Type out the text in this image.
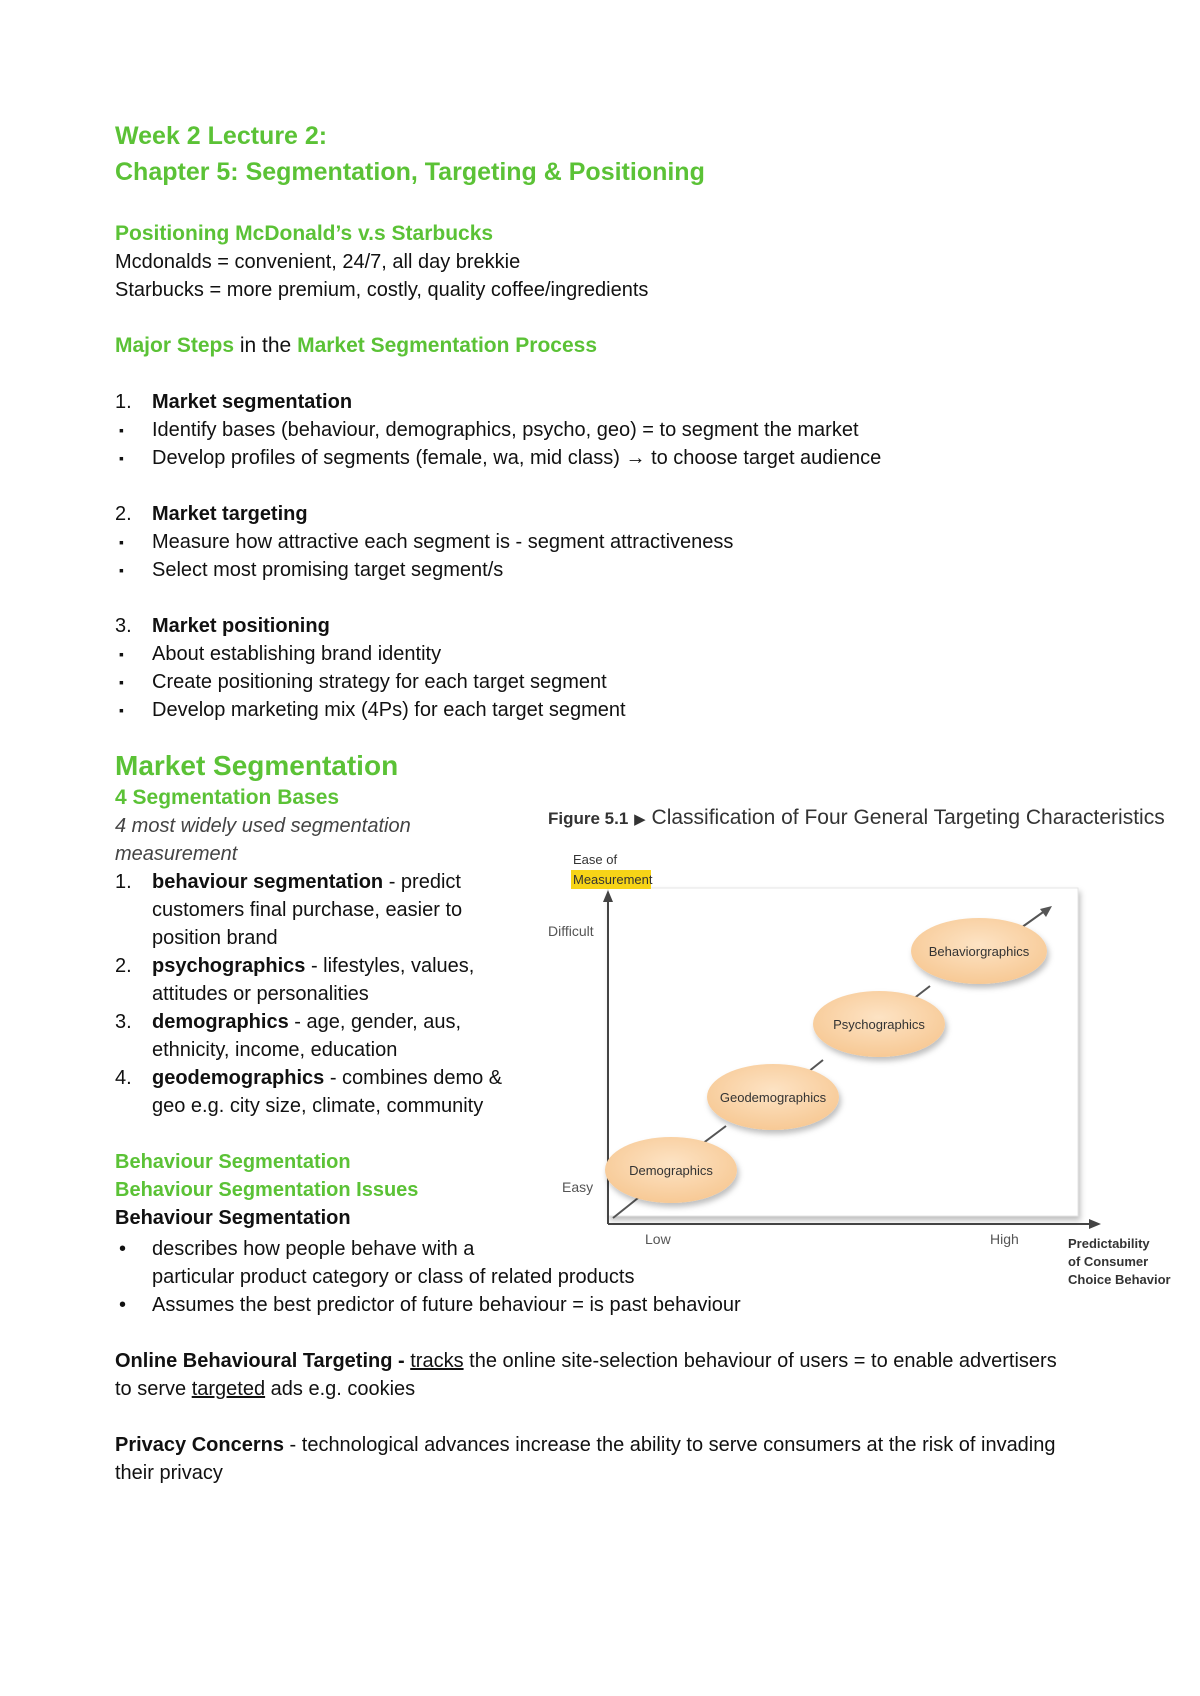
Week 2 Lecture 2:
Chapter 5: Segmentation, Targeting & Positioning
Positioning McDonald’s v.s Starbucks
Mcdonalds = convenient, 24/7, all day brekkie
Starbucks = more premium, costly, quality coffee/ingredients
Major Steps in the Market Segmentation Process
1.	Market segmentation
▪	Identify bases (behaviour, demographics, psycho, geo) = to segment the market
▪	Develop profiles of segments (female, wa, mid class) → to choose target audience
2.	Market targeting
▪	Measure how attractive each segment is - segment attractiveness
▪	Select most promising target segment/s
3.	Market positioning
▪	About establishing brand identity
▪	Create positioning strategy for each target segment
▪	Develop marketing mix (4Ps) for each target segment
Market Segmentation
4 Segmentation Bases
4 most widely used segmentation measurement
1.	behaviour segmentation - predict customers final purchase, easier to position brand
2.	psychographics - lifestyles, values, attitudes or personalities
3.	demographics - age, gender, aus, ethnicity, income, education
4.	geodemographics - combines demo & geo e.g. city size, climate, community
Behaviour Segmentation
Behaviour Segmentation Issues
Behaviour Segmentation
•	describes how people behave with a
particular product category or class of related products
•	Assumes the best predictor of future behaviour = is past behaviour
Online Behavioural Targeting - tracks the online site-selection behaviour of users = to enable advertisers to serve targeted ads e.g. cookies
Privacy Concerns - technological advances increase the ability to serve consumers at the risk of invading their privacy
Figure 5.1 ▶ Classification of Four General Targeting Characteristics
Ease of
Measurement
Difficult
Easy
Low	High	Predictability
of Consumer
Choice Behavior
Demographics
Geodemographics
Psychographics
Behaviorgraphics
